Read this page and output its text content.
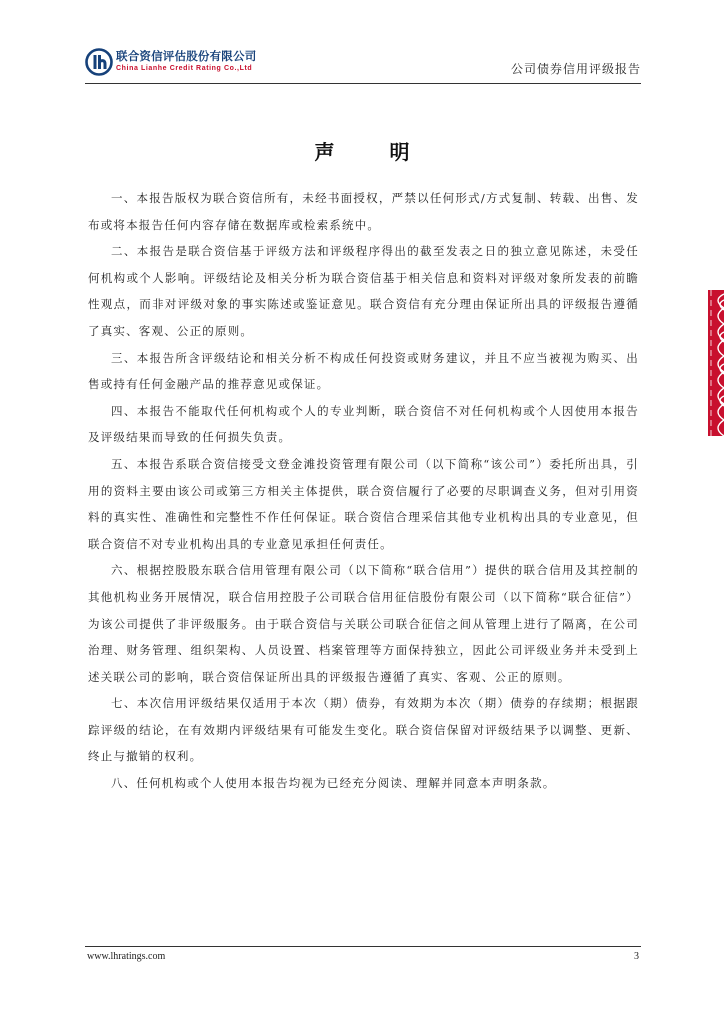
联合资信评估股份有限公司
China Lianhe Credit Rating Co.,Ltd	公司债券信用评级报告
声 明

一、本报告版权为联合资信所有，未经书面授权，严禁以任何形式/方式复制、转载、出售、发布或将本报告任何内容存储在数据库或检索系统中。

二、本报告是联合资信基于评级方法和评级程序得出的截至发表之日的独立意见陈述，未受任何机构或个人影响。评级结论及相关分析为联合资信基于相关信息和资料对评级对象所发表的前瞻性观点，而非对评级对象的事实陈述或鉴证意见。联合资信有充分理由保证所出具的评级报告遵循了真实、客观、公正的原则。

三、本报告所含评级结论和相关分析不构成任何投资或财务建议，并且不应当被视为购买、出售或持有任何金融产品的推荐意见或保证。

四、本报告不能取代任何机构或个人的专业判断，联合资信不对任何机构或个人因使用本报告及评级结果而导致的任何损失负责。

五、本报告系联合资信接受文登金滩投资管理有限公司（以下简称“该公司”）委托所出具，引用的资料主要由该公司或第三方相关主体提供，联合资信履行了必要的尽职调查义务，但对引用资料的真实性、准确性和完整性不作任何保证。联合资信合理采信其他专业机构出具的专业意见，但联合资信不对专业机构出具的专业意见承担任何责任。

六、根据控股股东联合信用管理有限公司（以下简称“联合信用”）提供的联合信用及其控制的其他机构业务开展情况，联合信用控股子公司联合信用征信股份有限公司（以下简称“联合征信”）为该公司提供了非评级服务。由于联合资信与关联公司联合征信之间从管理上进行了隔离，在公司治理、财务管理、组织架构、人员设置、档案管理等方面保持独立，因此公司评级业务并未受到上述关联公司的影响，联合资信保证所出具的评级报告遵循了真实、客观、公正的原则。

七、本次信用评级结果仅适用于本次（期）债券，有效期为本次（期）债券的存续期；根据跟踪评级的结论，在有效期内评级结果有可能发生变化。联合资信保留对评级结果予以调整、更新、终止与撤销的权利。

八、任何机构或个人使用本报告均视为已经充分阅读、理解并同意本声明条款。

www.lhratings.com	3
